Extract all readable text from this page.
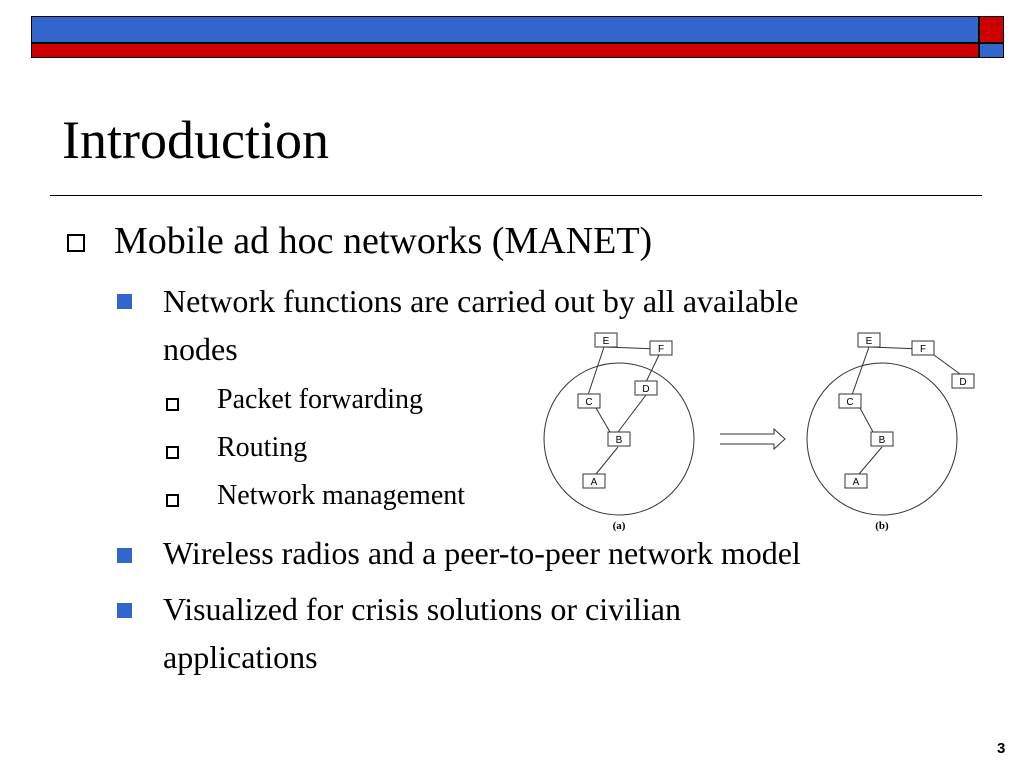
Introduction
Mobile ad hoc networks (MANET)
Network functions are carried out by all available
nodes
Packet forwarding
Routing
Network management
Wireless radios and a peer-to-peer network model
Visualized for crisis solutions or civilian
applications
E
F
D
C
B
A
(a)
E
F
D
C
B
A
(b)
3
